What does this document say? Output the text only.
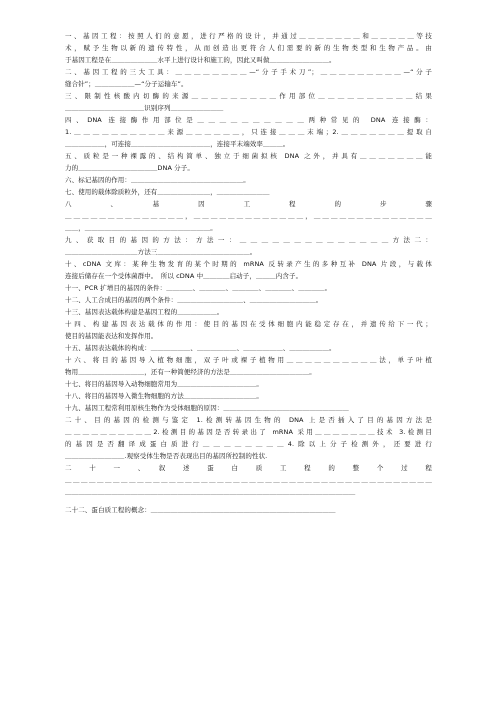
一、基因工程：按照人们的意愿，进行严格的设计，并通过＿＿＿＿＿＿＿和＿＿＿＿＿等技
术，赋予生物以新的遗传特性，从而创造出更符合人们需要的新的生物类型和生物产品。由
于基因工程是在＿＿＿＿＿＿＿水平上进行设计和施工的，因此又叫做＿＿＿＿＿＿＿＿＿。
二、基因工程的三大工具：＿＿＿＿＿＿＿＿—“分子手术刀”；＿＿＿＿＿＿＿＿＿—“分子
缝合针”；＿＿＿＿＿＿—“分子运输车”。
三、限制性核酸内切酶的来源＿＿＿＿＿＿＿＿＿作用部位＿＿＿＿＿＿＿＿＿＿结果
＿＿＿＿＿＿＿＿＿＿＿＿识别序列＿＿＿＿＿＿＿＿
四、DNA 连接酶作用部位是＿＿＿＿＿＿＿＿＿＿两种常见的 DNA 连接酶：
1.＿＿＿＿＿＿＿＿＿＿来源＿＿＿＿＿＿，只连接＿＿＿末端；2.＿＿＿＿＿＿＿提取自
＿＿＿＿＿＿，可连接＿＿＿＿＿＿＿＿＿＿＿＿，连接平末端效率＿＿＿。
五、质粒是一种裸露的、结构简单、独立于细菌拟核 DNA 之外，并具有＿＿＿＿＿＿＿能
力的＿＿＿＿＿＿＿＿＿＿＿＿DNA 分子。
六、标记基因的作用：＿＿＿＿＿＿＿＿＿＿＿＿＿＿＿＿＿。
七、使用的载体除质粒外，还有＿＿＿＿＿＿＿＿，＿＿＿＿＿＿＿＿
八　、　基　因　工　程　的　步　骤
＿＿＿＿＿＿＿＿＿＿＿＿＿＿，＿＿＿＿＿＿＿＿＿＿＿＿＿，＿＿＿＿＿＿＿＿＿＿＿＿＿＿
＿＿，＿＿＿＿＿＿＿＿＿＿＿＿＿＿＿＿＿＿＿。
九、获取目的基因的方法：方法一：＿＿＿＿＿＿＿＿＿＿＿＿＿＿方法二：
＿＿＿＿＿＿＿＿＿＿＿方法三＿＿＿＿＿＿＿＿＿＿＿＿＿＿。
十、cDNA 文库：某种生物发育的某个时期的 mRNA 反转录产生的多种互补 DNA 片段，与载体
连接后储存在一个受体菌群中。　所以 cDNA 中＿＿＿＿启动子，＿＿＿内含子。
十一、PCR 扩增目的基因的条件：＿＿＿＿、＿＿＿＿、＿＿＿＿、＿＿＿＿、＿＿＿＿。
十二、人工合成目的基因的两个条件：＿＿＿＿＿＿＿＿＿＿、＿＿＿＿＿＿＿＿＿＿。
十三、基因表达载体构建是基因工程的＿＿＿＿＿＿。
十四、构建基因表达载体的作用：使目的基因在受体细胞内能稳定存在，并遗传给下一代；
使目的基因能表达和发挥作用。
十五、基因表达载体的构成：＿＿＿＿＿＿、＿＿＿＿＿＿、＿＿＿＿＿＿、＿＿＿＿＿＿。
十六、将目的基因导入植物细胞，双子叶或裸子植物用＿＿＿＿＿＿＿＿＿＿法，单子叶植
物用＿＿＿＿＿＿＿＿＿＿，还有一种简便经济的方法是＿＿＿＿＿＿＿＿＿＿＿＿。
十七、将目的基因导入动物细胞常用为＿＿＿＿＿＿＿＿＿＿＿＿。
十八、将目的基因导入微生物细胞的方法＿＿＿＿＿＿＿＿＿＿＿。
十九、基因工程常利用原核生物作为受体细胞的原因：＿＿＿＿＿＿＿＿＿＿＿＿＿＿＿＿＿＿＿
二十、目的基因的检测与鉴定 1.检测转基因生物的 DNA 上是否插入了目的基因方法是
＿＿＿＿＿＿＿＿＿＿2.检测目的基因是否转录出了 mRNA 采用＿＿＿＿＿＿＿技术 3.检测目
的基因是否翻译成蛋白质进行＿＿＿＿＿＿＿＿4.除以上分子检测外，还要进行
＿＿＿＿＿＿＿＿＿.观察受体生物是否表现出目的基因所控制的性状.
二　十　一　、　叙　述　蛋　白　质　工　程　的　整　个　过　程
＿＿＿＿＿＿＿＿＿＿＿＿＿＿＿＿＿＿＿＿＿＿＿＿＿＿＿＿＿＿＿＿＿＿＿＿＿＿＿＿＿＿＿＿＿＿
＿＿＿＿＿＿＿＿＿＿＿＿＿＿＿＿＿＿＿＿＿＿＿＿＿＿＿＿＿＿＿＿＿＿＿＿＿＿＿＿＿＿＿＿
二十二、蛋白质工程的概念：＿＿＿＿＿＿＿＿＿＿＿＿＿＿＿＿＿＿＿＿＿＿＿＿＿＿＿＿
